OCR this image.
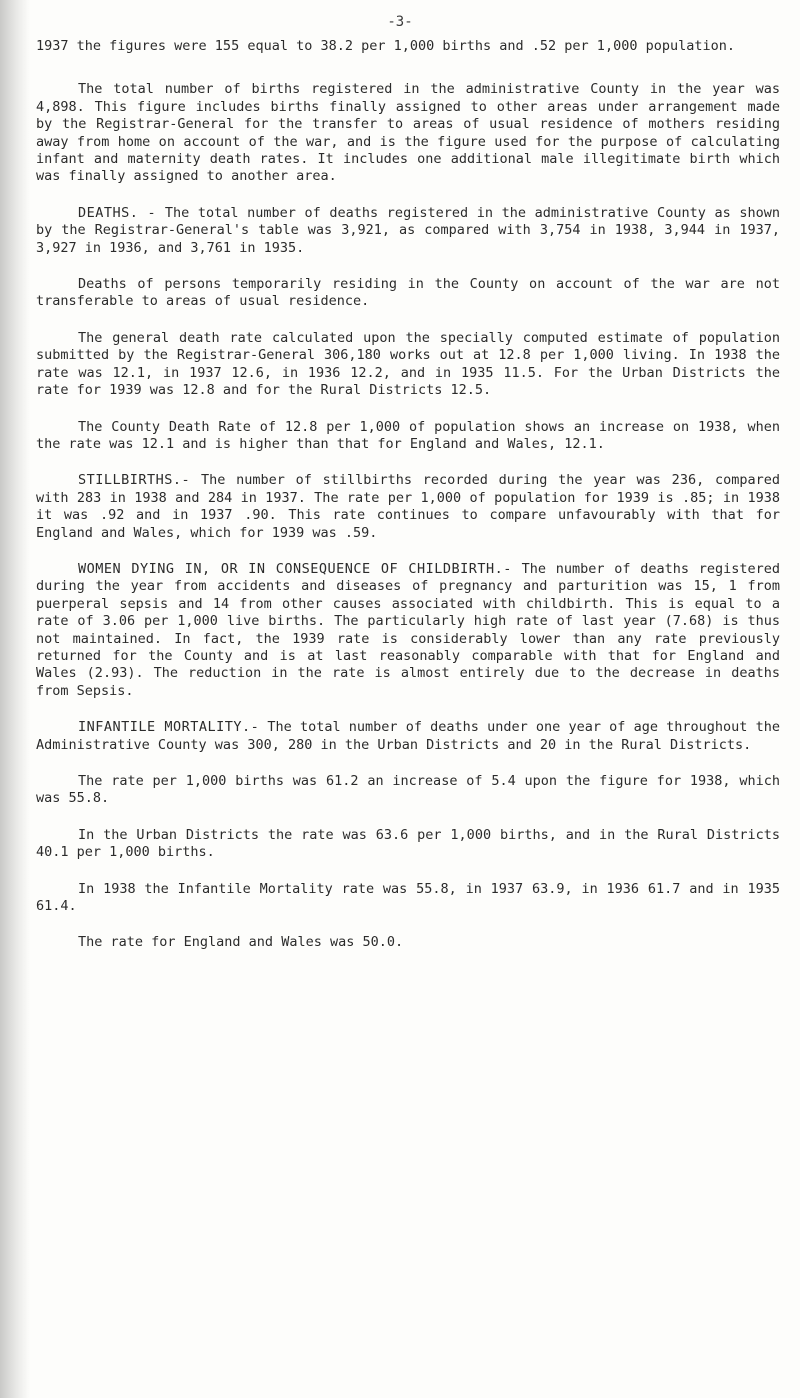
-3-

1937 the figures were 155 equal to 38.2 per 1,000 births and .52 per 1,000 population.

The total number of births registered in the administrative County in the year was 4,898. This figure includes births finally assigned to other areas under arrangement made by the Registrar-General for the transfer to areas of usual residence of mothers residing away from home on account of the war, and is the figure used for the purpose of calculating infant and maternity death rates. It includes one additional male illegitimate birth which was finally assigned to another area.

DEATHS. - The total number of deaths registered in the administrative County as shown by the Registrar-General's table was 3,921, as compared with 3,754 in 1938, 3,944 in 1937, 3,927 in 1936, and 3,761 in 1935.

Deaths of persons temporarily residing in the County on account of the war are not transferable to areas of usual residence.

The general death rate calculated upon the specially computed estimate of population submitted by the Registrar-General 306,180 works out at 12.8 per 1,000 living. In 1938 the rate was 12.1, in 1937 12.6, in 1936 12.2, and in 1935 11.5. For the Urban Districts the rate for 1939 was 12.8 and for the Rural Districts 12.5.

The County Death Rate of 12.8 per 1,000 of population shows an increase on 1938, when the rate was 12.1 and is higher than that for England and Wales, 12.1.

STILLBIRTHS.- The number of stillbirths recorded during the year was 236, compared with 283 in 1938 and 284 in 1937. The rate per 1,000 of population for 1939 is .85; in 1938 it was .92 and in 1937 .90. This rate continues to compare unfavourably with that for England and Wales, which for 1939 was .59.

WOMEN DYING IN, OR IN CONSEQUENCE OF CHILDBIRTH.- The number of deaths registered during the year from accidents and diseases of pregnancy and parturition was 15, 1 from puerperal sepsis and 14 from other causes associated with childbirth. This is equal to a rate of 3.06 per 1,000 live births. The particularly high rate of last year (7.68) is thus not maintained. In fact, the 1939 rate is considerably lower than any rate previously returned for the County and is at last reasonably comparable with that for England and Wales (2.93). The reduction in the rate is almost entirely due to the decrease in deaths from Sepsis.

INFANTILE MORTALITY.- The total number of deaths under one year of age throughout the Administrative County was 300, 280 in the Urban Districts and 20 in the Rural Districts.

The rate per 1,000 births was 61.2 an increase of 5.4 upon the figure for 1938, which was 55.8.

In the Urban Districts the rate was 63.6 per 1,000 births, and in the Rural Districts 40.1 per 1,000 births.

In 1938 the Infantile Mortality rate was 55.8, in 1937 63.9, in 1936 61.7 and in 1935 61.4.

The rate for England and Wales was 50.0.
